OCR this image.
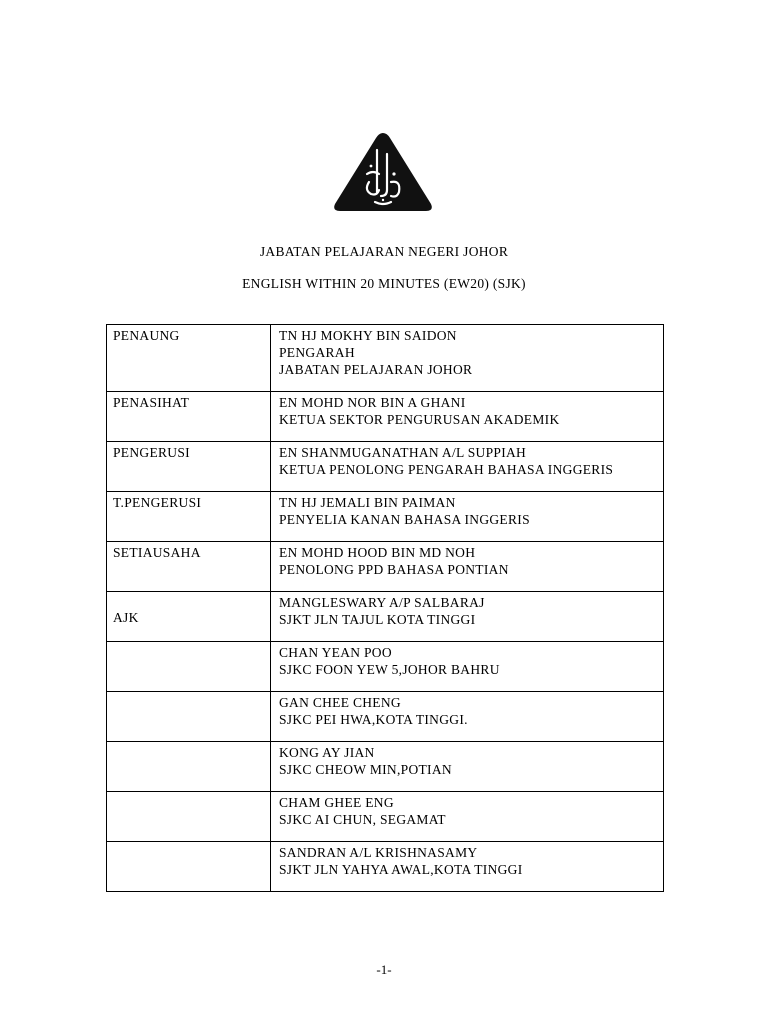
JABATAN PELAJARAN NEGERI JOHOR
ENGLISH WITHIN 20 MINUTES (EW20) (SJK)
PENAUNG	TN HJ MOKHY BIN SAIDON
PENGARAH
JABATAN PELAJARAN JOHOR

PENASIHAT	EN MOHD NOR BIN A GHANI
KETUA SEKTOR PENGURUSAN AKADEMIK

PENGERUSI	EN SHANMUGANATHAN A/L SUPPIAH
KETUA PENOLONG PENGARAH BAHASA INGGERIS

T.PENGERUSI	TN HJ JEMALI BIN PAIMAN
PENYELIA KANAN BAHASA INGGERIS

SETIAUSAHA	EN MOHD HOOD BIN MD NOH
PENOLONG PPD BAHASA PONTIAN

AJK	MANGLESWARY A/P SALBARAJ
SJKT JLN TAJUL KOTA TINGGI

	CHAN YEAN POO
SJKC FOON YEW 5,JOHOR BAHRU

	GAN CHEE CHENG
SJKC PEI HWA,KOTA TINGGI.

	KONG AY JIAN
SJKC CHEOW MIN,POTIAN

	CHAM GHEE ENG
SJKC AI CHUN, SEGAMAT

	SANDRAN A/L KRISHNASAMY
SJKT JLN YAHYA AWAL,KOTA TINGGI
-1-
